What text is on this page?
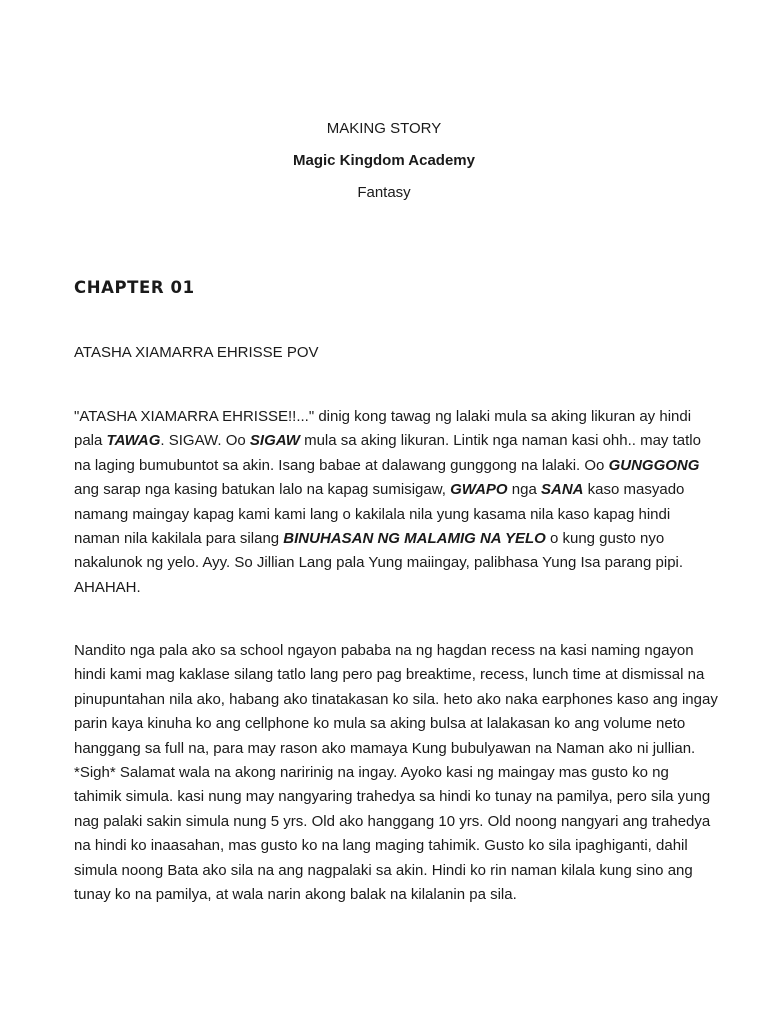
MAKING STORY
Magic Kingdom Academy
Fantasy
CHAPTER 01
ATASHA XIAMARRA EHRISSE POV

"ATASHA XIAMARRA EHRISSE!!..." dinig kong tawag ng lalaki mula sa aking likuran ay hindi pala TAWAG. SIGAW. Oo SIGAW mula sa aking likuran. Lintik nga naman kasi ohh.. may tatlo na laging bumubuntot sa akin. Isang babae at dalawang gunggong na lalaki. Oo GUNGGONG ang sarap nga kasing batukan lalo na kapag sumisigaw, GWAPO nga SANA kaso masyado namang maingay kapag kami kami lang o kakilala nila yung kasama nila kaso kapag hindi naman nila kakilala para silang BINUHASAN NG MALAMIG NA YELO o kung gusto nyo nakalunok ng yelo. Ayy. So Jillian Lang pala Yung maiingay, palibhasa Yung Isa parang pipi. AHAHAH.

Nandito nga pala ako sa school ngayon pababa na ng hagdan recess na kasi naming ngayon hindi kami mag kaklase silang tatlo lang pero pag breaktime, recess, lunch time at dismissal na pinupuntahan nila ako, habang ako tinatakasan ko sila. heto ako naka earphones kaso ang ingay parin kaya kinuha ko ang cellphone ko mula sa aking bulsa at lalakasan ko ang volume neto hanggang sa full na, para may rason ako mamaya Kung bubulyawan na Naman ako ni jullian. *Sigh* Salamat wala na akong naririnig na ingay. Ayoko kasi ng maingay mas gusto ko ng tahimik simula. kasi nung may nangyaring trahedya sa hindi ko tunay na pamilya, pero sila yung nag palaki sakin simula nung 5 yrs. Old ako hanggang 10 yrs. Old noong nangyari ang trahedya na hindi ko inaasahan, mas gusto ko na lang maging tahimik. Gusto ko sila ipaghiganti, dahil simula noong Bata ako sila na ang nagpalaki sa akin. Hindi ko rin naman kilala kung sino ang tunay ko na pamilya, at wala narin akong balak na kilalanin pa sila.
